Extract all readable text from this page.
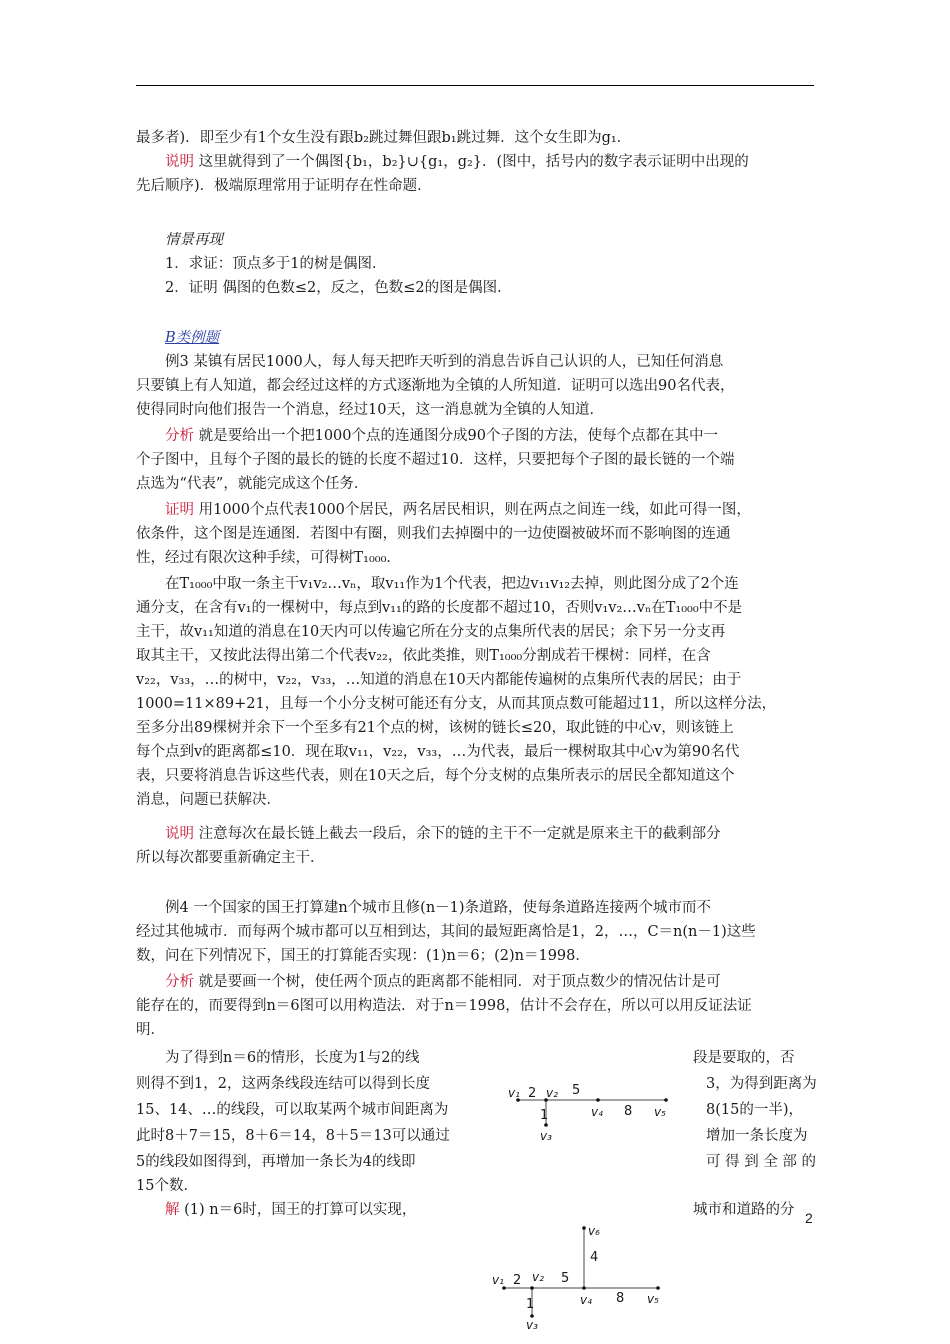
最多者)．即至少有1个女生没有跟b₂跳过舞但跟b₁跳过舞．这个女生即为g₁．

说明 这里就得到了一个偶图{b₁，b₂}∪{g₁，g₂}．(图中，括号内的数字表示证明中出现的

先后顺序)．极端原理常用于证明存在性命题．

情景再现

1．求证：顶点多于1的树是偶图．

2．证明 偶图的色数≤2，反之，色数≤2的图是偶图．

B类例题

例3 某镇有居民1000人，每人每天把昨天听到的消息告诉自己认识的人，已知任何消息

只要镇上有人知道，都会经过这样的方式逐渐地为全镇的人所知道．证明可以选出90名代表，

使得同时向他们报告一个消息，经过10天，这一消息就为全镇的人知道．

分析 就是要给出一个把1000个点的连通图分成90个子图的方法，使每个点都在其中一

个子图中，且每个子图的最长的链的长度不超过10．这样，只要把每个子图的最长链的一个端

点选为“代表”，就能完成这个任务．

证明 用1000个点代表1000个居民，两名居民相识，则在两点之间连一线，如此可得一图，

依条件，这个图是连通图．若图中有圈，则我们去掉圈中的一边使圈被破坏而不影响图的连通

性，经过有限次这种手续，可得树T₁₀₀₀．

在T₁₀₀₀中取一条主干v₁v₂…vₙ，取v₁₁作为1个代表，把边v₁₁v₁₂去掉，则此图分成了2个连

通分支，在含有v₁的一棵树中，每点到v₁₁的路的长度都不超过10，否则v₁v₂…vₙ在T₁₀₀₀中不是

主干，故v₁₁知道的消息在10天内可以传遍它所在分支的点集所代表的居民；余下另一分支再

取其主干，又按此法得出第二个代表v₂₂，依此类推，则T₁₀₀₀分割成若干棵树：同样，在含

v₂₂，v₃₃，…的树中，v₂₂，v₃₃，…知道的消息在10天内都能传遍树的点集所代表的居民；由于

1000=11×89+21，且每一个小分支树可能还有分支，从而其顶点数可能超过11，所以这样分法，

至多分出89棵树并余下一个至多有21个点的树，该树的链长≤20，取此链的中心v，则该链上

每个点到v的距离都≤10．现在取v₁₁，v₂₂，v₃₃，…为代表，最后一棵树取其中心v为第90名代

表，只要将消息告诉这些代表，则在10天之后，每个分支树的点集所表示的居民全都知道这个

消息，问题已获解决．

说明 注意每次在最长链上截去一段后，余下的链的主干不一定就是原来主干的截剩部分

所以每次都要重新确定主干．

例4 一个国家的国王打算建n个城市且修(n－1)条道路，使每条道路连接两个城市而不

经过其他城市．而每两个城市都可以互相到达，其间的最短距离恰是1，2，…，C＝n(n－1)这些

数，问在下列情况下，国王的打算能否实现：(1)n＝6；(2)n＝1998．

分析 就是要画一个树，使任两个顶点的距离都不能相同．对于顶点数少的情况估计是可

能存在的，而要得到n＝6图可以用构造法．对于n＝1998，估计不会存在，所以可以用反证法证

明．

为了得到n＝6的情形，长度为1与2的线

则得不到1，2，这两条线段连结可以得到长度

15、14、…的线段，可以取某两个城市间距离为

此时8＋7＝15，8＋6＝14，8＋5＝13可以通过

5的线段如图得到，再增加一条长为4的线即

15个数．

段是要取的，否

3，为得到距离为

8(15的一半)，

增加一条长度为

可 得 到 全 部 的

解 (1) n＝6时，国王的打算可以实现，	城市和道路的分

v₁ 2 v₂ 5
1
v₃
v₄ 8 v₅
v₆
4
v₁ 2 v₂ 5
1
v₃
v₄ 8 v₅
2
